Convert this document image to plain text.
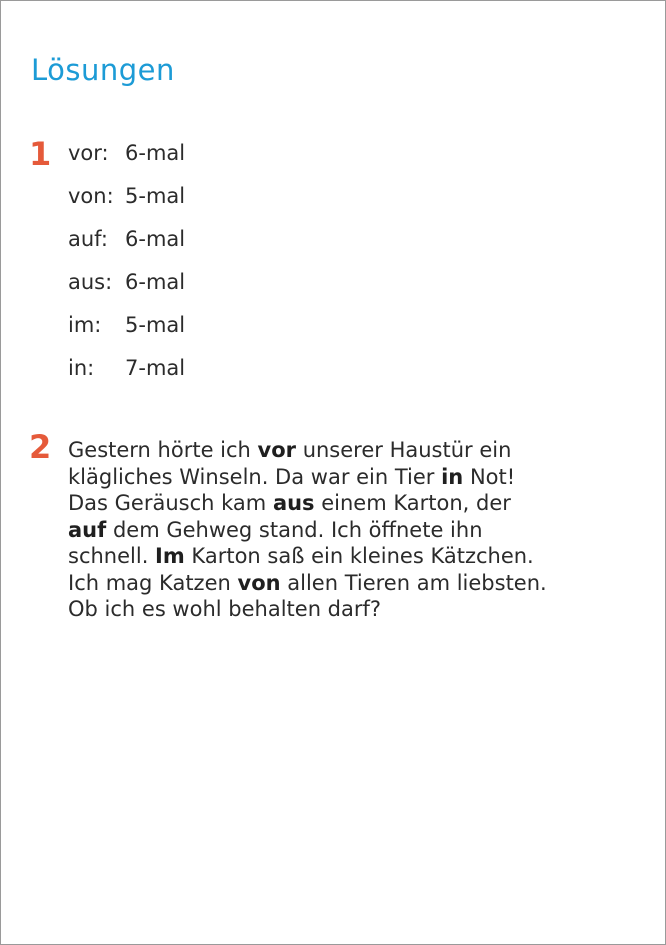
Lösungen
1 vor: 6-mal
von: 5-mal
auf: 6-mal
aus: 6-mal
im:	5-mal
in:	7-mal
2 Gestern hörte ich vor unserer Haustür ein
klägliches Winseln. Da war ein Tier in Not!
Das Geräusch kam aus einem Karton, der
auf dem Gehweg stand. Ich öffnete ihn
schnell. Im Karton saß ein kleines Kätzchen.
Ich mag Katzen von allen Tieren am liebsten.
Ob ich es wohl behalten darf?
